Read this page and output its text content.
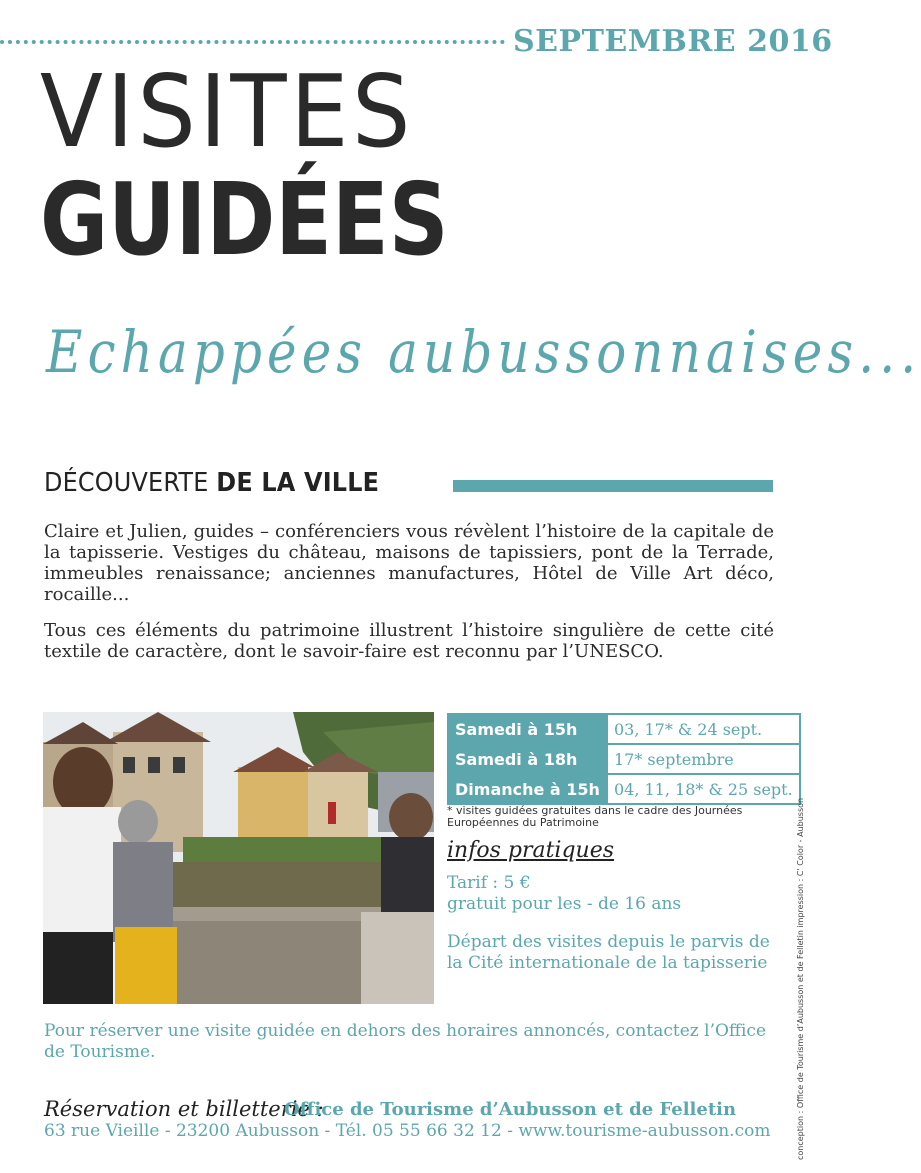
SEPTEMBRE 2016
VISITES
GUIDÉES
Echappées aubussonnaises...
DÉCOUVERTE DE LA VILLE
Claire et Julien, guides – conférenciers vous révèlent l’histoire de la capitale de la tapisserie. Vestiges du château, maisons de tapissiers, pont de la Terrade, immeubles renaissance; anciennes manufactures, Hôtel de Ville Art déco, rocaille...
Tous ces éléments du patrimoine illustrent l’histoire singulière de cette cité textile de caractère, dont le savoir-faire est reconnu par l’UNESCO.
Samedi à 15h	03, 17* & 24 sept.
Samedi à 18h	17* septembre
Dimanche à 15h	04, 11, 18* & 25 sept.
* visites guidées gratuites dans le cadre des Journées Européennes du Patrimoine
infos pratiques
Tarif : 5 €
gratuit pour les - de 16 ans
Départ des visites depuis le parvis de la Cité internationale de la tapisserie
Pour réserver une visite guidée en dehors des horaires annoncés, contactez l’Office de Tourisme.
Réservation et billetterie :
Office de Tourisme d’Aubusson et de Felletin
63 rue Vieille - 23200 Aubusson - Tél. 05 55 66 32 12 - www.tourisme-aubusson.com	conception : Office de Tourisme d’Aubusson et de Felletin impression : C' Color - Aubusson
